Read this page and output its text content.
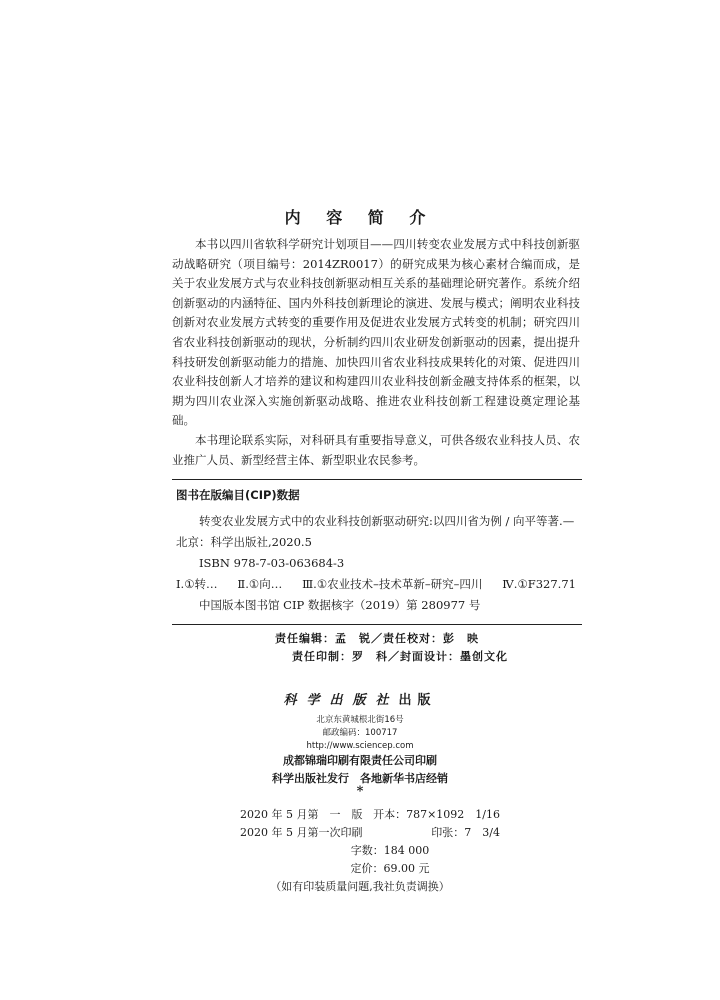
内 容 简 介

本书以四川省软科学研究计划项目——四川转变农业发展方式中科技创新驱动战略研究（项目编号：2014ZR0017）的研究成果为核心素材合编而成，是关于农业发展方式与农业科技创新驱动相互关系的基础理论研究著作。系统介绍创新驱动的内涵特征、国内外科技创新理论的演进、发展与模式；阐明农业科技创新对农业发展方式转变的重要作用及促进农业发展方式转变的机制；研究四川省农业科技创新驱动的现状，分析制约四川农业研发创新驱动的因素，提出提升科技研发创新驱动能力的措施、加快四川省农业科技成果转化的对策、促进四川农业科技创新人才培养的建议和构建四川农业科技创新金融支持体系的框架，以期为四川农业深入实施创新驱动战略、推进农业科技创新工程建设奠定理论基础。

本书理论联系实际，对科研具有重要指导意义，可供各级农业科技人员、农业推广人员、新型经营主体、新型职业农民参考。

图书在版编目(CIP)数据

转变农业发展方式中的农业科技创新驱动研究:以四川省为例 / 向平等著.—北京：科学出版社,2020.5

ISBN 978-7-03-063684-3

Ⅰ.①转… Ⅱ.①向… Ⅲ.①农业技术–技术革新–研究–四川 Ⅳ.①F327.71

中国版本图书馆 CIP 数据核字（2019）第 280977 号

责任编辑：孟　锐／责任校对：彭　映
责任印制：罗　科／封面设计：墨创文化
科学出版社出版
北京东黄城根北街16号
邮政编码：100717
http://www.sciencep.com
成都锦瑞印刷有限责任公司印刷
科学出版社发行　各地新华书店经销
*
2020 年 5 月第　一　版 开本：787×1092　1/16
2020 年 5 月第一次印刷	印张：7　3/4
字数：184 000
定价：69.00 元
（如有印装质量问题,我社负责调换）
